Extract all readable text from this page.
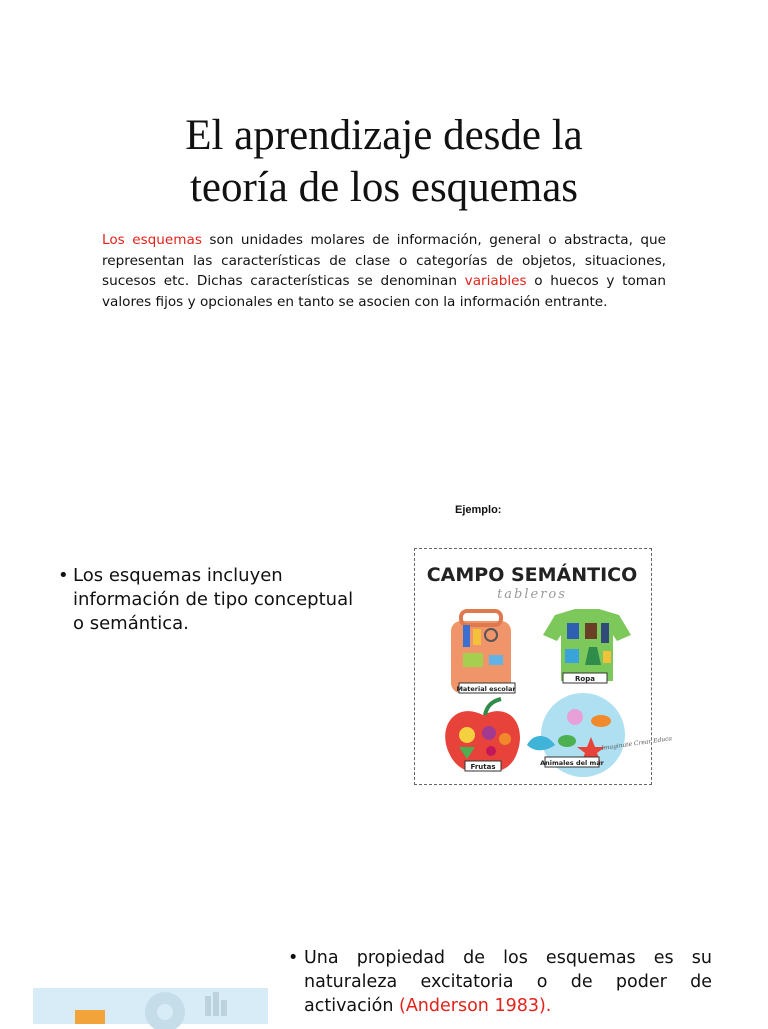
El aprendizaje desde la
teoría de los esquemas
Los esquemas son unidades molares de información, general o abstracta, que representan las características de clase o categorías de objetos, situaciones, sucesos etc. Dichas características se denominan variables o huecos y toman valores fijos y opcionales en tanto se asocien con la información entrante.
Ejemplo:
• Los esquemas incluyen información de tipo conceptual o semántica.
CAMPO SEMÁNTICO
tableros
Material escolar
Ropa
Frutas	Animales del mar
Imaginate Crear Educa
• Una propiedad de los esquemas es su naturaleza excitatoria o de poder de activación (Anderson 1983).
